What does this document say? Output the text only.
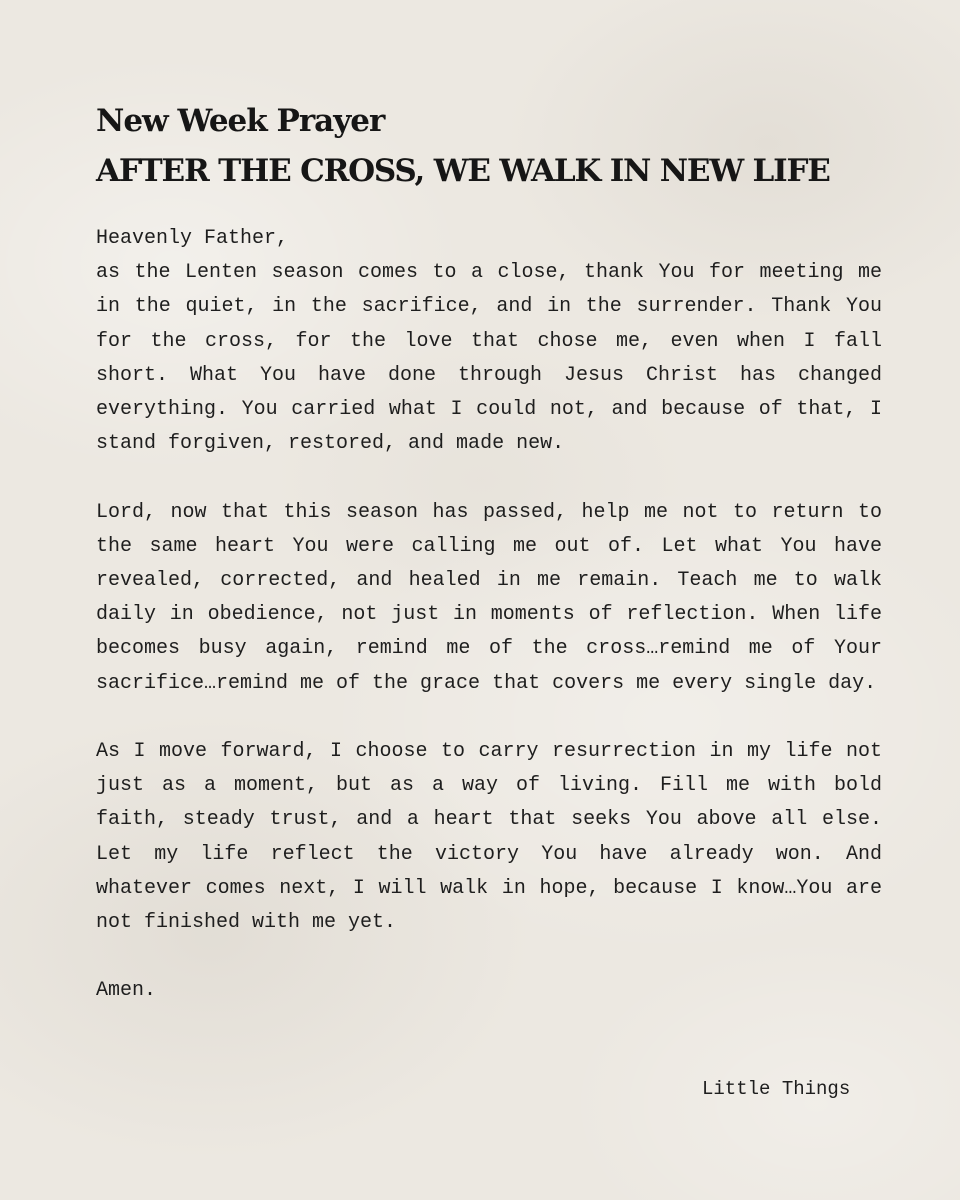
New Week Prayer
AFTER THE CROSS, WE WALK IN NEW LIFE

Heavenly Father,

as the Lenten season comes to a close, thank You for meeting me in the quiet, in the sacrifice, and in the surrender. Thank You for the cross, for the love that chose me, even when I fall short. What You have done through Jesus Christ has changed everything. You carried what I could not, and because of that, I stand forgiven, restored, and made new.

Lord, now that this season has passed, help me not to return to the same heart You were calling me out of. Let what You have revealed, corrected, and healed in me remain. Teach me to walk daily in obedience, not just in moments of reflection. When life becomes busy again, remind me of the cross…remind me of Your sacrifice…remind me of the grace that covers me every single day.

As I move forward, I choose to carry resurrection in my life not just as a moment, but as a way of living. Fill me with bold faith, steady trust, and a heart that seeks You above all else. Let my life reflect the victory You have already won. And whatever comes next, I will walk in hope, because I know…You are not finished with me yet.

Amen.

Little Things
